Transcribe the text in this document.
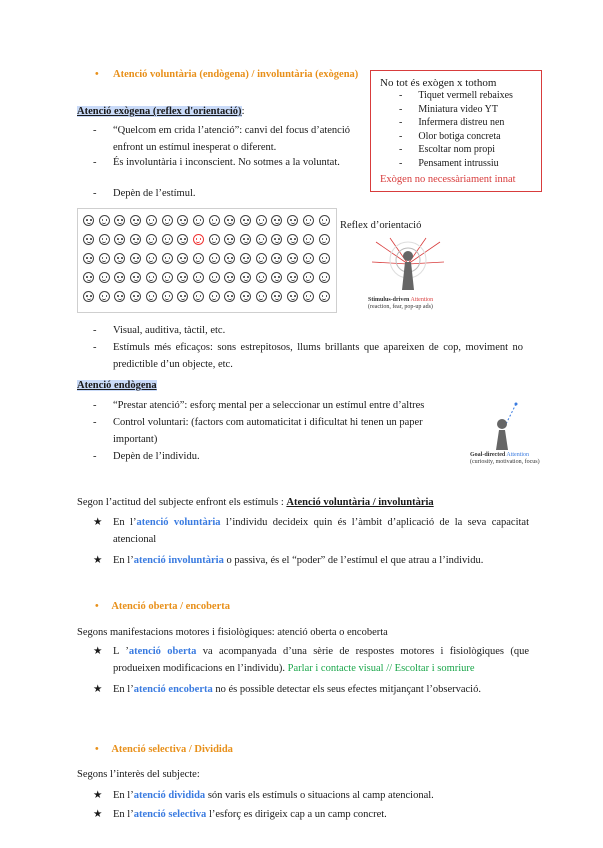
•	Atenció voluntària (endògena) / involuntària (exògena)
No tot és exògen x tothom
- Tiquet vermell rebaixes
- Miniatura video YT
- Infermera distreu nen
- Olor botiga concreta
- Escoltar nom propi
- Pensament intrussiu
Exògen no necessàriament innat
Atenció exògena (reflex d'orientació):
- “Quelcom em crida l’atenció”: canvi del focus d’atenció enfront un estímul inesperat o diferent.
- És involuntària i inconscient. No sotmes a la voluntat.
- Depèn de l’estímul.
Reflex d’orientació
Stimulus-driven Attention
(reaction, fear, pop-up ads)
- Visual, auditiva, tàctil, etc.
- Estímuls més eficaços: sons estrepitosos, llums brillants que apareixen de cop, moviment no predictible d’un objecte, etc.
Atenció endògena
- “Prestar atenció”: esforç mental per a seleccionar un estímul entre d’altres
- Control voluntari: (factors com automaticitat i dificultat hi tenen un paper important)
- Depèn de l’individu.	Goal-directed Attention
(curiosity, motivation, focus)
Segon l’actitud del subjecte enfront els estímuls : Atenció voluntària / involuntària
★ En l’atenció voluntària l’individu decideix quin és l’àmbit d’aplicació de la seva capacitat atencional
★ En l’atenció involuntària o passiva, és el “poder” de l’estímul el que atrau a l’individu.
• Atenció oberta / encoberta
Segons manifestacions motores i fisiològiques: atenció oberta o encoberta
★ L ’atenció oberta va acompanyada d’una sèrie de respostes motores i fisiològiques (que produeixen modificacions en l’individu). Parlar i contacte visual // Escoltar i somriure
★ En l’atenció encoberta no és possible detectar els seus efectes mitjançant l’observació.
• Atenció selectiva / Dividida
Segons l’interès del subjecte:
★ En l’atenció dividida són varis els estímuls o situacions al camp atencional.
★ En l’atenció selectiva l’esforç es dirigeix cap a un camp concret.
